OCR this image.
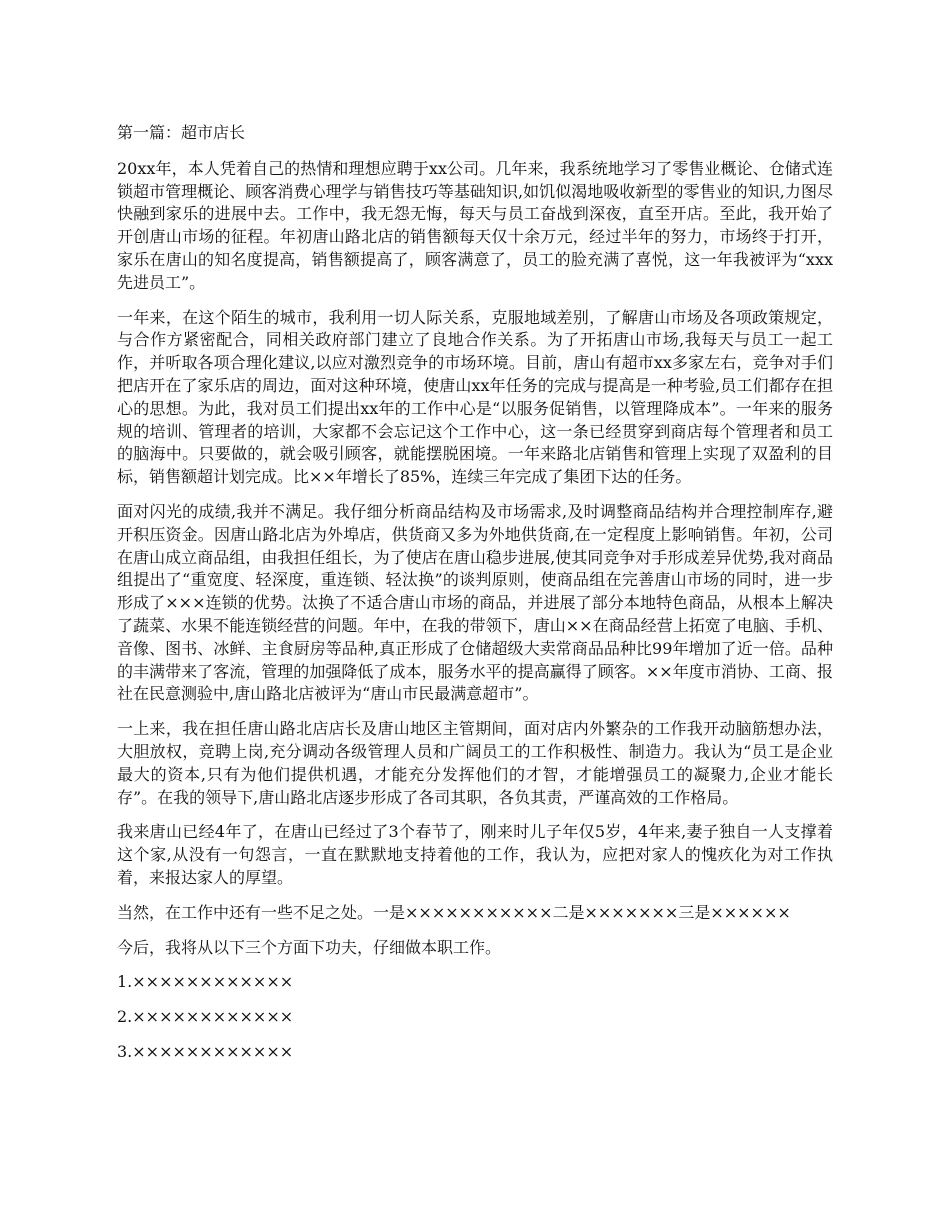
第一篇：超市店长

20xx年，本人凭着自己的热情和理想应聘于xx公司。几年来，我系统地学习了零售业概论、仓储式连锁超市管理概论、顾客消费心理学与销售技巧等基础知识,如饥似渴地吸收新型的零售业的知识,力图尽快融到家乐的进展中去。工作中，我无怨无悔，每天与员工奋战到深夜，直至开店。至此，我开始了开创唐山市场的征程。年初唐山路北店的销售额每天仅十余万元，经过半年的努力，市场终于打开，家乐在唐山的知名度提高，销售额提高了，顾客满意了，员工的脸充满了喜悦，这一年我被评为“xxx先进员工”。

一年来，在这个陌生的城市，我利用一切人际关系，克服地域差别，了解唐山市场及各项政策规定，与合作方紧密配合，同相关政府部门建立了良地合作关系。为了开拓唐山市场,我每天与员工一起工作，并听取各项合理化建议,以应对激烈竞争的市场环境。目前，唐山有超市xx多家左右，竞争对手们把店开在了家乐店的周边，面对这种环境，使唐山xx年任务的完成与提高是一种考验,员工们都存在担心的思想。为此，我对员工们提出xx年的工作中心是“以服务促销售，以管理降成本”。一年来的服务规的培训、管理者的培训，大家都不会忘记这个工作中心，这一条已经贯穿到商店每个管理者和员工的脑海中。只要做的，就会吸引顾客，就能摆脱困境。一年来路北店销售和管理上实现了双盈利的目标，销售额超计划完成。比××年增长了85%，连续三年完成了集团下达的任务。

面对闪光的成绩,我并不满足。我仔细分析商品结构及市场需求,及时调整商品结构并合理控制库存,避开积压资金。因唐山路北店为外埠店，供货商又多为外地供货商,在一定程度上影响销售。年初，公司在唐山成立商品组，由我担任组长，为了使店在唐山稳步进展,使其同竞争对手形成差异优势,我对商品组提出了“重宽度、轻深度，重连锁、轻汰换”的谈判原则，使商品组在完善唐山市场的同时，进一步形成了×××连锁的优势。汰换了不适合唐山市场的商品，并进展了部分本地特色商品，从根本上解决了蔬菜、水果不能连锁经营的问题。年中，在我的带领下，唐山××在商品经营上拓宽了电脑、手机、音像、图书、冰鲜、主食厨房等品种,真正形成了仓储超级大卖常商品品种比99年增加了近一倍。品种的丰满带来了客流，管理的加强降低了成本，服务水平的提高赢得了顾客。××年度市消协、工商、报社在民意测验中,唐山路北店被评为“唐山市民最满意超市”。

一上来，我在担任唐山路北店店长及唐山地区主管期间，面对店内外繁杂的工作我开动脑筋想办法，大胆放权，竞聘上岗,充分调动各级管理人员和广阔员工的工作积极性、制造力。我认为“员工是企业最大的资本,只有为他们提供机遇，才能充分发挥他们的才智，才能增强员工的凝聚力,企业才能长存”。在我的领导下,唐山路北店逐步形成了各司其职，各负其责，严谨高效的工作格局。

我来唐山已经4年了，在唐山已经过了3个春节了，刚来时儿子年仅5岁，4年来,妻子独自一人支撑着这个家,从没有一句怨言，一直在默默地支持着他的工作，我认为，应把对家人的愧疚化为对工作执着，来报达家人的厚望。

当然，在工作中还有一些不足之处。一是×××××××××××二是×××××××三是××××××

今后，我将从以下三个方面下功夫，仔细做本职工作。

1.××××××××××××

2.××××××××××××

3.××××××××××××
